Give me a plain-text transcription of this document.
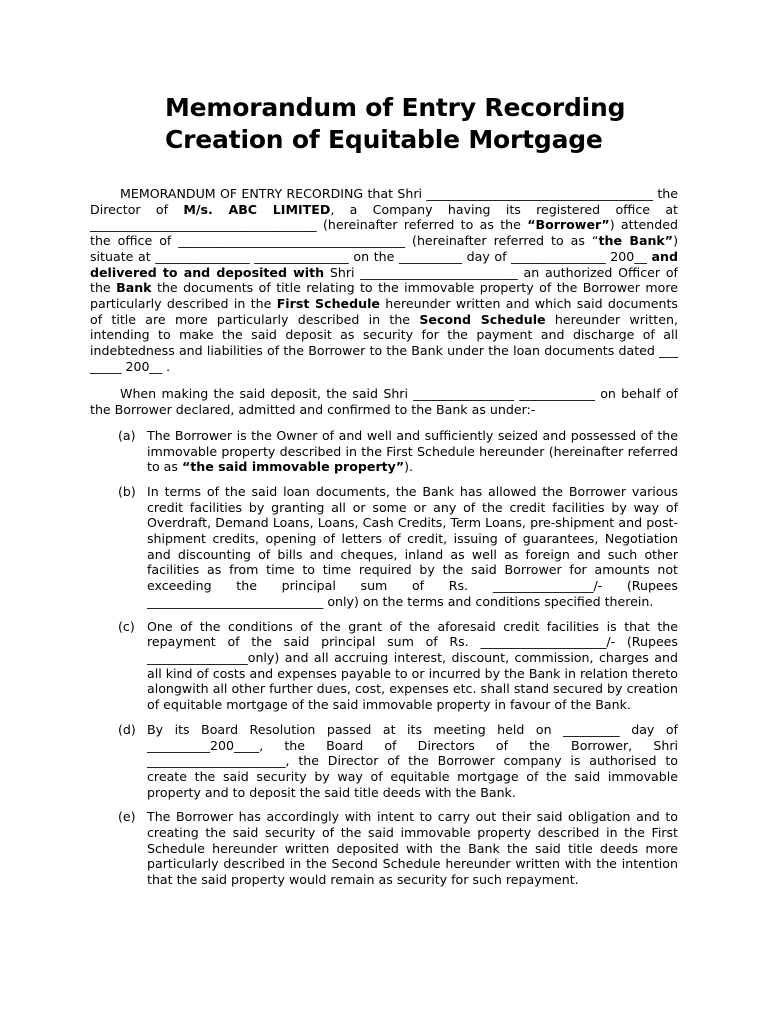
Memorandum of Entry Recording
Creation of Equitable Mortgage

MEMORANDUM OF ENTRY RECORDING that Shri ____________________________________ the Director of M/s. ABC LIMITED, a Company having its registered office at ____________________________________ (hereinafter referred to as the “Borrower”) attended the office of ____________________________________ (hereinafter referred to as “the Bank”) situate at _______________ _______________ on the __________ day of _______________ 200__ and delivered to and deposited with Shri _________________________ an authorized Officer of the Bank the documents of title relating to the immovable property of the Borrower more particularly described in the First Schedule hereunder written and which said documents of title are more particularly described in the Second Schedule hereunder written, intending to make the said deposit as security for the payment and discharge of all indebtedness and liabilities of the Borrower to the Bank under the loan documents dated ___ _____ 200__ .

When making the said deposit, the said Shri ________________ ____________ on behalf of the Borrower declared, admitted and confirmed to the Bank as under:-

(a) The Borrower is the Owner of and well and sufficiently seized and possessed of the immovable property described in the First Schedule hereunder (hereinafter referred to as “the said immovable property”).
(b) In terms of the said loan documents, the Bank has allowed the Borrower various credit facilities by granting all or some or any of the credit facilities by way of Overdraft, Demand Loans, Loans, Cash Credits, Term Loans, pre-shipment and post-shipment credits, opening of letters of credit, issuing of guarantees, Negotiation and discounting of bills and cheques, inland as well as foreign and such other facilities as from time to time required by the said Borrower for amounts not exceeding the principal sum of Rs. ________________/- (Rupees ____________________________ only) on the terms and conditions specified therein.
(c) One of the conditions of the grant of the aforesaid credit facilities is that the repayment of the said principal sum of Rs. ____________________/- (Rupees ________________only) and all accruing interest, discount, commission, charges and all kind of costs and expenses payable to or incurred by the Bank in relation thereto alongwith all other further dues, cost, expenses etc. shall stand secured by creation of equitable mortgage of the said immovable property in favour of the Bank.
(d) By its Board Resolution passed at its meeting held on _________ day of __________200____, the Board of Directors of the Borrower, Shri ______________________, the Director of the Borrower company is authorised to create the said security by way of equitable mortgage of the said immovable property and to deposit the said title deeds with the Bank.
(e) The Borrower has accordingly with intent to carry out their said obligation and to creating the said security of the said immovable property described in the First Schedule hereunder written deposited with the Bank the said title deeds more particularly described in the Second Schedule hereunder written with the intention that the said property would remain as security for such repayment.
